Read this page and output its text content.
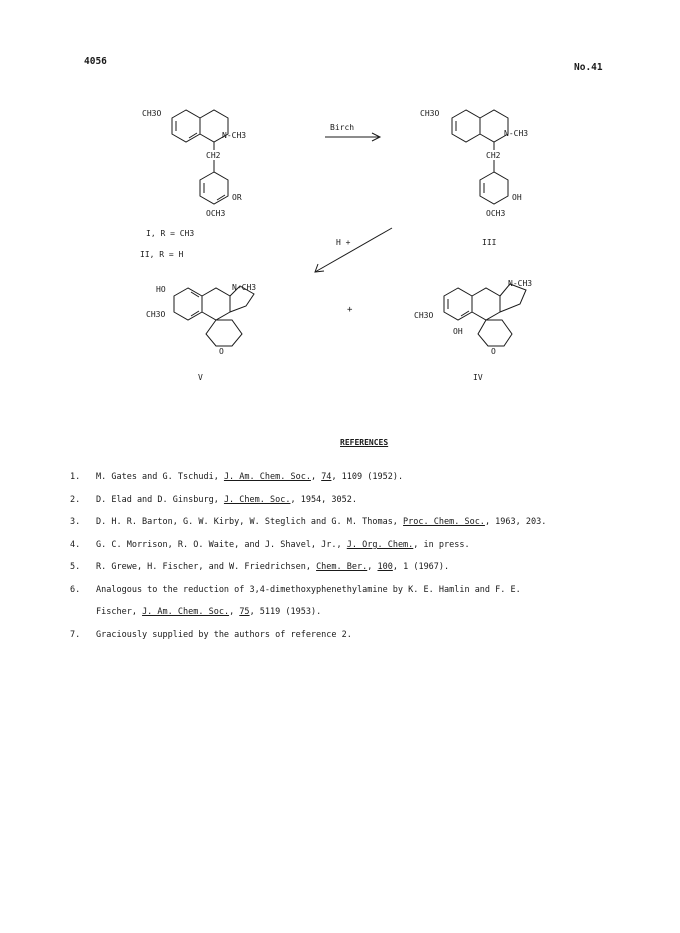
4056
No.41
CH3O
N-CH3
CH2
OR
OCH3
I, R = CH3
II, R = H
Birch
CH3O
N-CH3
CH2
OH
OCH3
III
H +
HO
CH3O
N-CH3
O
V
+
CH3O
OH
N-CH3
O
IV
REFERENCES
1. M. Gates and G. Tschudi, J. Am. Chem. Soc., 74, 1109 (1952).
2. D. Elad and D. Ginsburg, J. Chem. Soc., 1954, 3052.
3. D. H. R. Barton, G. W. Kirby, W. Steglich and G. M. Thomas, Proc. Chem. Soc., 1963, 203.
4. G. C. Morrison, R. O. Waite, and J. Shavel, Jr., J. Org. Chem., in press.
5. R. Grewe, H. Fischer, and W. Friedrichsen, Chem. Ber., 100, 1 (1967).
6. Analogous to the reduction of 3,4-dimethoxyphenethylamine by K. E. Hamlin and F. E.
Fischer, J. Am. Chem. Soc., 75, 5119 (1953).
7. Graciously supplied by the authors of reference 2.
